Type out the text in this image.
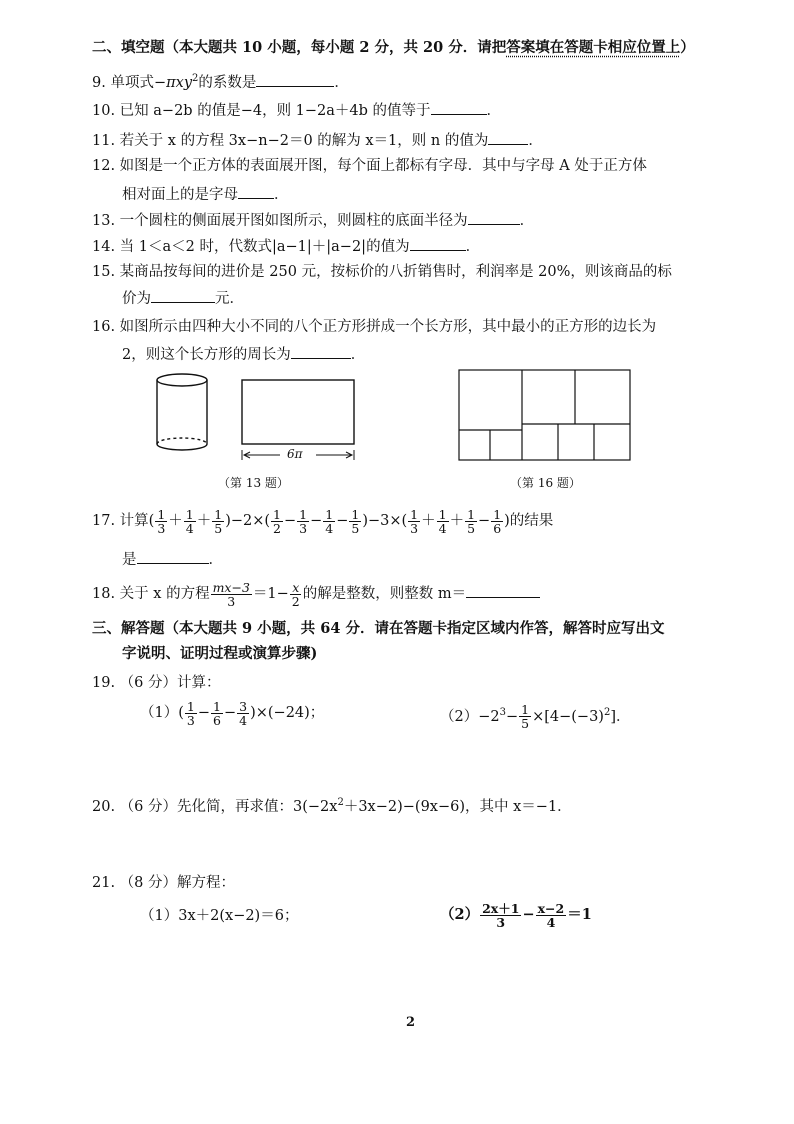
二、填空题（本大题共 10 小题，每小题 2 分，共 20 分．请把答案填在答题卡相应位置上）
9. 单项式−πxy$^2$的系数是	．
10. 已知 a−2b 的值是−4，则 1−2a＋4b 的值等于	．
11. 若关于 x 的方程 3x−n−2＝0 的解为 x＝1，则 n 的值为	．
12. 如图是一个正方体的表面展开图，每个面上都标有字母．其中与字母 A 处于正方体
相对面上的是字母 ．
13. 一个圆柱的侧面展开图如图所示，则圆柱的底面半径为	．
14. 当 1＜a＜2 时，代数式|a−1|＋|a−2|的值为	．
15. 某商品按每间的进价是 250 元，按标价的八折销售时，利润率是 20%，则该商品的标
价为	元．
16. 如图所示由四种大小不同的八个正方形拼成一个长方形，其中最小的正方形的边长为
2，则这个长方形的周长为	．
6π
（第 13 题）	（第 16 题）
17. 计算( $\frac{1}{3} + \frac{1}{4} + \frac{1}{5} )-2\times( \frac{1}{2} - \frac{1}{3} - \frac{1}{4} - \frac{1}{5} )-3\times( \frac{1}{3} + \frac{1}{4} + \frac{1}{5} - \frac{1}{6}$ )的结果
是	．
18. 关于 x 的方程 $\frac{mx-3}{3} =1- \frac{x}{2}$ 的解是整数，则整数 m＝
三、解答题（本大题共 9 小题，共 64 分．请在答题卡指定区域内作答，解答时应写出文
字说明、证明过程或演算步骤)
19. （6 分）计算：
$(1)( \frac{1}{3} - \frac{1}{6} - \frac{3}{4} )\times(-24)$；	$(2)-2^3- \frac{1}{5} \times[4-(-3)^2]$．
20. （6 分）先化简，再求值：$3(-2x^2+3x-2)-(9x-6)$，其中 x＝−1．
21. （8 分）解方程：
（1）3x＋2(x−2)＝6；	$(2) \frac{2x+1}{3} - \frac{x-2}{4} =1$
2
